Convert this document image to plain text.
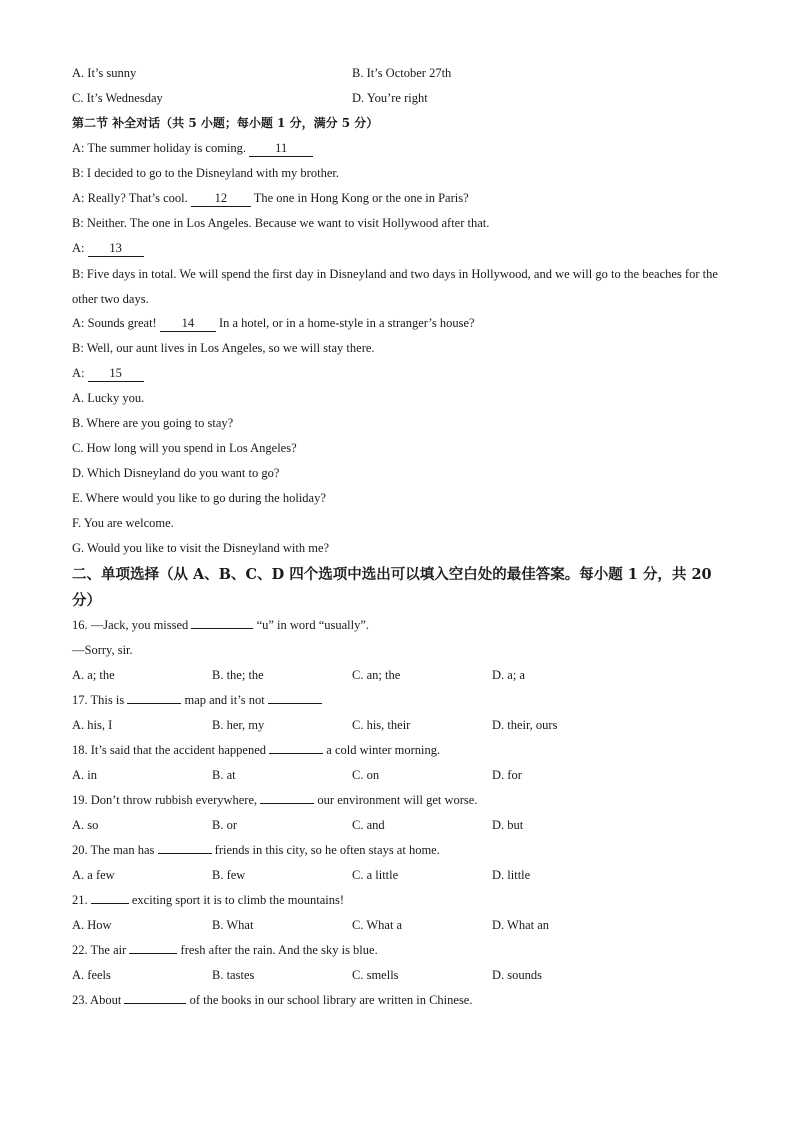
A. It’s sunny	B. It’s October 27th
C. It’s Wednesday	D. You’re right
第二节 补全对话（共 5 小题；每小题 1 分，满分 5 分）
A: The summer holiday is coming. 11
B: I decided to go to the Disneyland with my brother.
A: Really? That’s cool. 12 The one in Hong Kong or the one in Paris?
B: Neither. The one in Los Angeles. Because we want to visit Hollywood after that.
A: 13
B: Five days in total. We will spend the first day in Disneyland and two days in Hollywood, and we will go to the beaches for the other two days.
A: Sounds great! 14 In a hotel, or in a home-style in a stranger’s house?
B: Well, our aunt lives in Los Angeles, so we will stay there.
A: 15
A. Lucky you.
B. Where are you going to stay?
C. How long will you spend in Los Angeles?
D. Which Disneyland do you want to go?
E. Where would you like to go during the holiday?
F. You are welcome.
G. Would you like to visit the Disneyland with me?
二、单项选择（从 A、B、C、D 四个选项中选出可以填入空白处的最佳答案。每小题 1 分，共 20 分）
16. —Jack, you missed	“u” in word “usually”.
—Sorry, sir.
A. a; the	B. the; the	C. an; the	D. a; a
17. This is	map and it’s not
A. his, I	B. her, my	C. his, their	D. their, ours
18. It’s said that the accident happened	a cold winter morning.
A. in	B. at	C. on	D. for
19. Don’t throw rubbish everywhere,	our environment will get worse.
A. so	B. or	C. and	D. but
20. The man has	friends in this city, so he often stays at home.
A. a few	B. few	C. a little	D. little
21.	exciting sport it is to climb the mountains!
A. How	B. What	C. What a	D. What an
22. The air	fresh after the rain. And the sky is blue.
A. feels	B. tastes	C. smells	D. sounds
23. About	of the books in our school library are written in Chinese.
